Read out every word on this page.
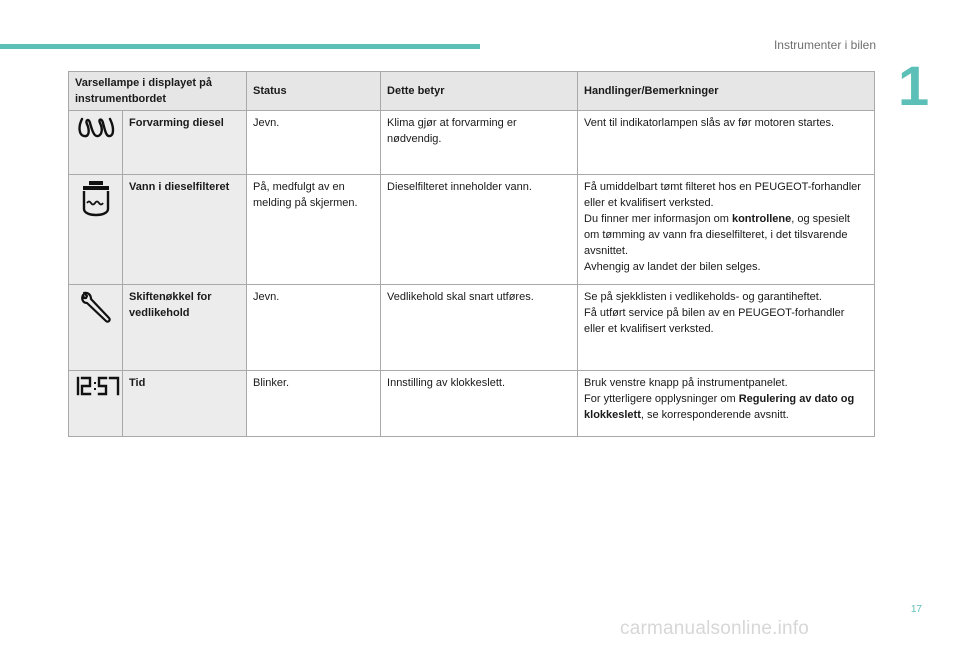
Instrumenter i bilen
1
Varsellampe i displayet på instrumentbordet		Status	Dette betyr	Handlinger/Bemerkninger

	Forvarming diesel	Jevn.	Klima gjør at forvarming er nødvendig.	Vent til indikatorlampen slås av før motoren startes.

	Vann i dieselfilteret	På, medfulgt av en melding på skjermen.	Dieselfilteret inneholder vann.	Få umiddelbart tømt filteret hos en PEUGEOT-forhandler eller et kvalifisert verksted.
Du finner mer informasjon om kontrollene, og spesielt om tømming av vann fra dieselfilteret, i det tilsvarende avsnittet.
Avhengig av landet der bilen selges.

	Skiftenøkkel for vedlikehold	Jevn.	Vedlikehold skal snart utføres.	Se på sjekklisten i vedlikeholds- og garantiheftet.
Få utført service på bilen av en PEUGEOT-forhandler eller et kvalifisert verksted.

	Tid	Blinker.	Innstilling av klokkeslett.	Bruk venstre knapp på instrumentpanelet.
For ytterligere opplysninger om Regulering av dato og klokkeslett, se korresponderende avsnitt.
17
carmanualsonline.info
